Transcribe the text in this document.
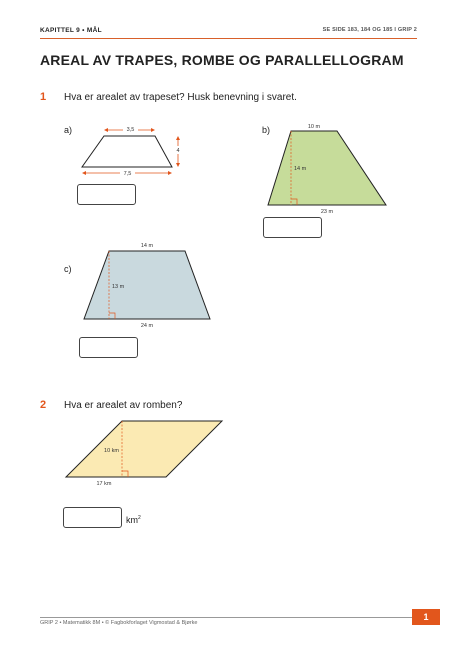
KAPITTEL 9 • MÅL	SE SIDE 183, 184 OG 185 I GRIP 2
AREAL AV TRAPES, ROMBE OG PARALLELLOGRAM
1 Hva er arealet av trapeset? Husk benevning i svaret.
a)	b)
c)
3,5
4
7,5
10 m
14 m
23 m
14 m
13 m
24 m
10 km
17 km
2 Hva er arealet av romben?
$km^2$
GRIP 2 • Matematikk 8M • © Fagbokforlaget Vigmostad & Bjørke
1
